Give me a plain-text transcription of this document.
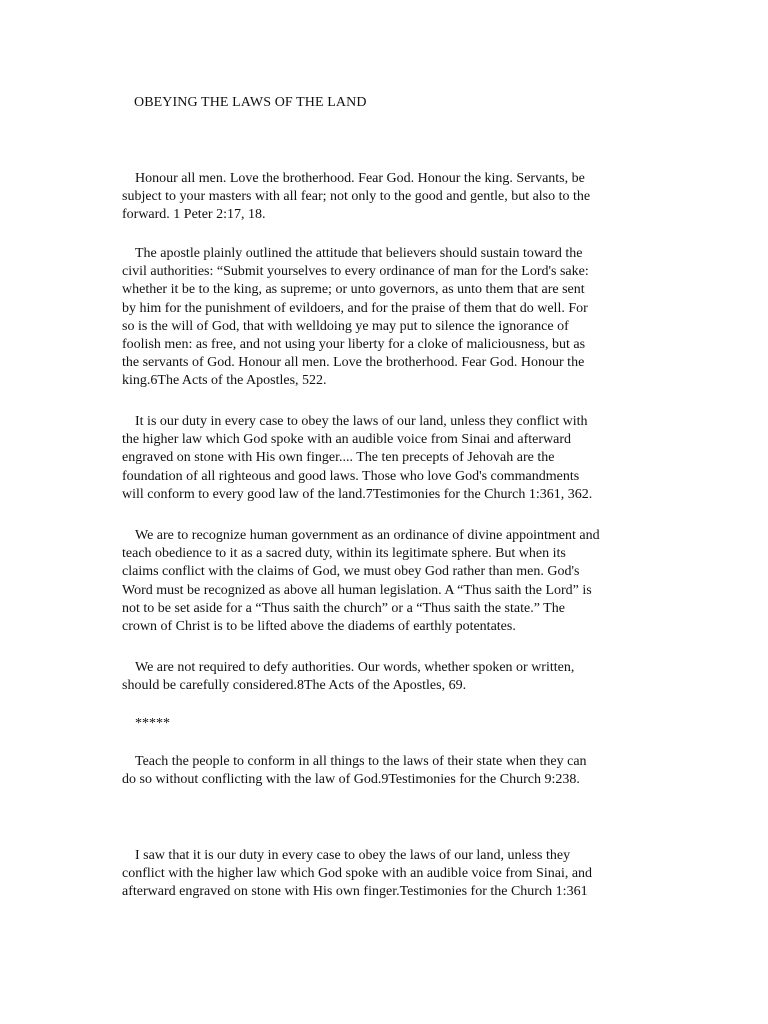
OBEYING THE LAWS OF THE LAND
Honour all men. Love the brotherhood. Fear God. Honour the king. Servants, be
subject to your masters with all fear; not only to the good and gentle, but also to the
forward. 1 Peter 2:17, 18.
The apostle plainly outlined the attitude that believers should sustain toward the
civil authorities: “Submit yourselves to every ordinance of man for the Lord's sake:
whether it be to the king, as supreme; or unto governors, as unto them that are sent
by him for the punishment of evildoers, and for the praise of them that do well. For
so is the will of God, that with welldoing ye may put to silence the ignorance of
foolish men: as free, and not using your liberty for a cloke of maliciousness, but as
the servants of God. Honour all men. Love the brotherhood. Fear God. Honour the
king.6The Acts of the Apostles, 522.
It is our duty in every case to obey the laws of our land, unless they conflict with
the higher law which God spoke with an audible voice from Sinai and afterward
engraved on stone with His own finger.... The ten precepts of Jehovah are the
foundation of all righteous and good laws. Those who love God's commandments
will conform to every good law of the land.7Testimonies for the Church 1:361, 362.
We are to recognize human government as an ordinance of divine appointment and
teach obedience to it as a sacred duty, within its legitimate sphere. But when its
claims conflict with the claims of God, we must obey God rather than men. God's
Word must be recognized as above all human legislation. A “Thus saith the Lord” is
not to be set aside for a “Thus saith the church” or a “Thus saith the state.” The
crown of Christ is to be lifted above the diadems of earthly potentates.
We are not required to defy authorities. Our words, whether spoken or written,
should be carefully considered.8The Acts of the Apostles, 69.
*****
Teach the people to conform in all things to the laws of their state when they can
do so without conflicting with the law of God.9Testimonies for the Church 9:238.
I saw that it is our duty in every case to obey the laws of our land, unless they
conflict with the higher law which God spoke with an audible voice from Sinai, and
afterward engraved on stone with His own finger.Testimonies for the Church 1:361
